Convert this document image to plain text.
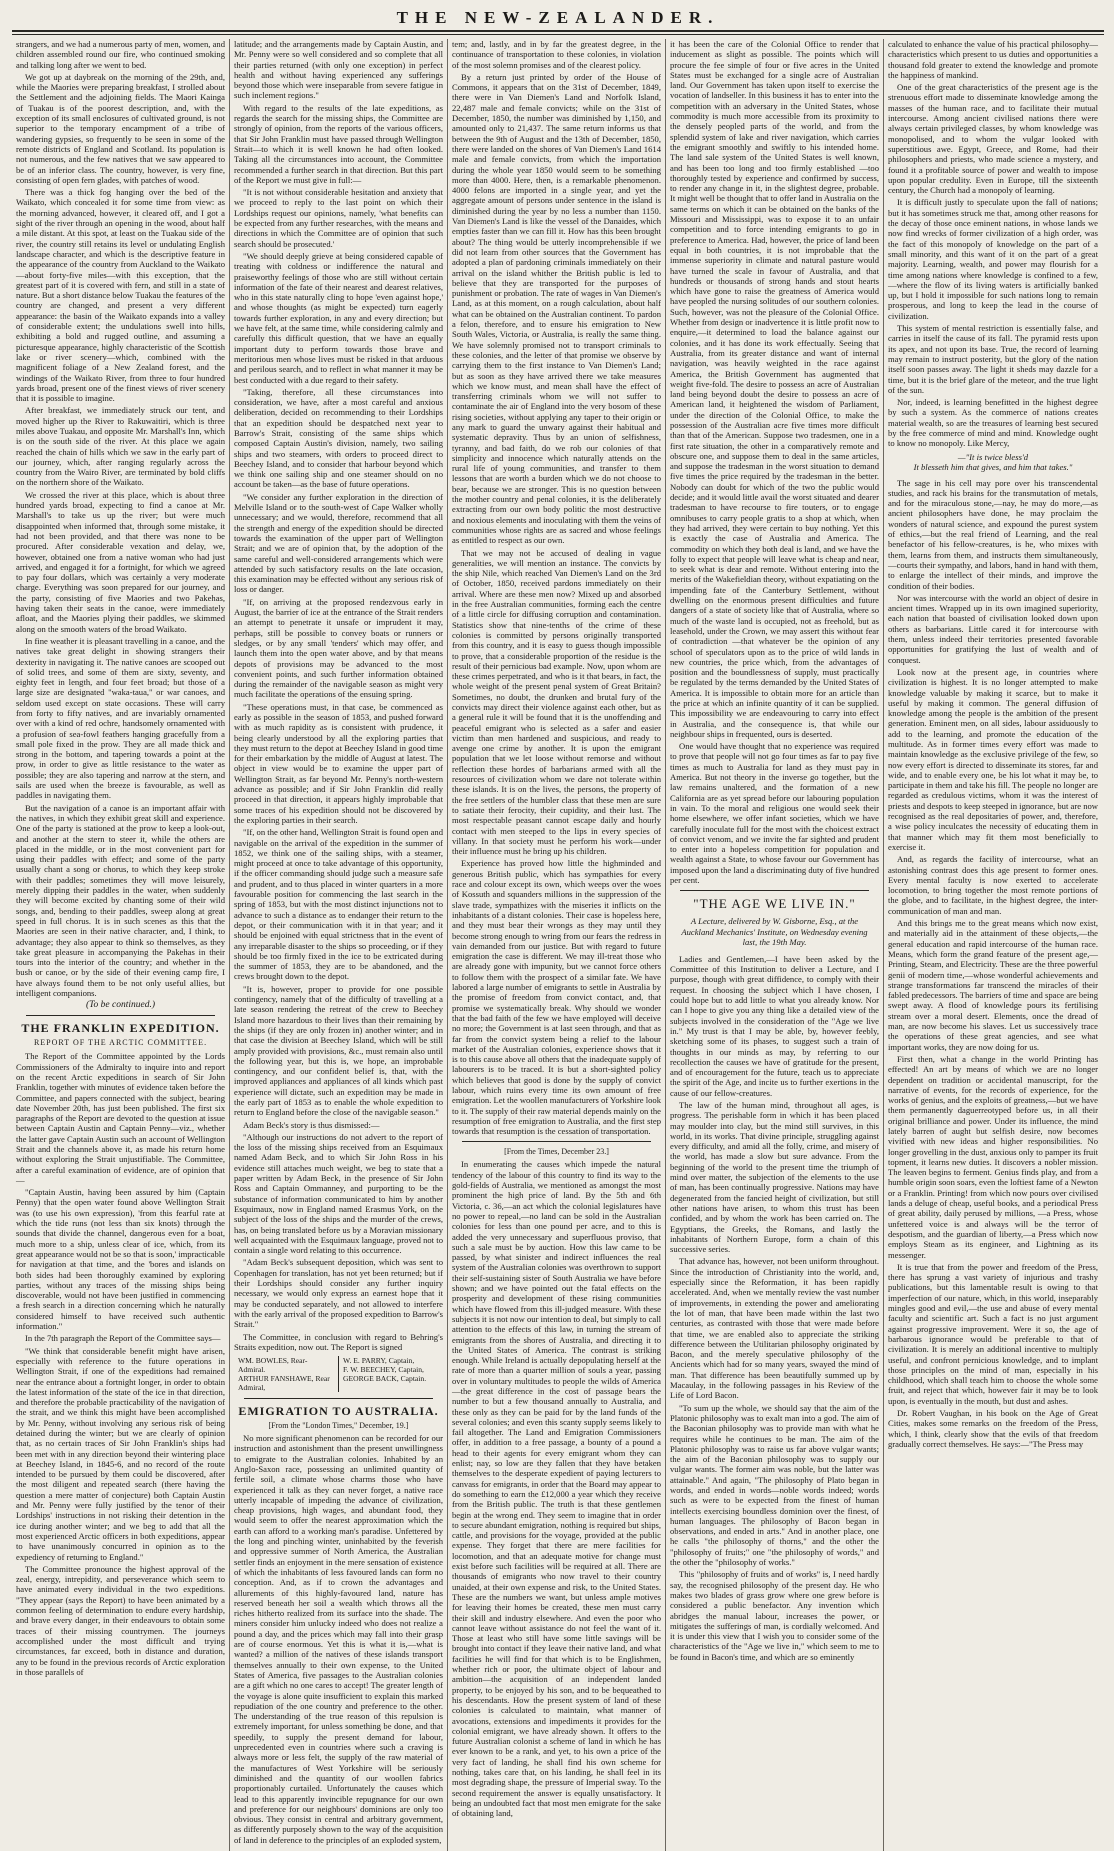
THE NEW-ZEALANDER.

strangers, and we had a numerous party of men, women, and children assembled round our fire, who continued smoking and talking long after we went to bed.

We got up at daybreak on the morning of the 29th, and, while the Maories were preparing breakfast, I strolled about the Settlement and the adjoining fields. The Maori Kainga of Tuakau is of the poorest description, and, with the exception of its small enclosures of cultivated ground, is not superior to the temporary encampment of a tribe of wandering gypsies, so frequently to be seen in some of the remote districts of England and Scotland. Its population is not numerous, and the few natives that we saw appeared to be of an inferior class. The country, however, is very fine, consisting of open fern glades, with patches of wood.

There was a thick fog hanging over the bed of the Waikato, which concealed it for some time from view: as the morning advanced, however, it cleared off, and I got a sight of the river through an opening in the wood, about half a mile distant. At this spot, at least on the Tuakau side of the river, the country still retains its level or undulating English landscape character, and which is the descriptive feature in the appearance of the country from Auckland to the Waikato—about forty-five miles—with this exception, that the greatest part of it is covered with fern, and still in a state of nature. But a short distance below Tuakau the features of the country are changed, and present a very different appearance: the basin of the Waikato expands into a valley of considerable extent; the undulations swell into hills, exhibiting a bold and rugged outline, and assuming a picturesque appearance, highly characteristic of the Scottish lake or river scenery—which, combined with the magnificent foliage of a New Zealand forest, and the windings of the Waikato River, from three to four hundred yards broad, present one of the finest views of river scenery that it is possible to imagine.

After breakfast, we immediately struck our tent, and moved higher up the River to Rakuwaitiri, which is three miles above Tuakau, and opposite Mr. Marshall's Inn, which is on the south side of the river. At this place we again reached the chain of hills which we saw in the early part of our journey, which, after ranging regularly across the country from the Wairo River, are terminated by bold cliffs on the northern shore of the Waikato.

We crossed the river at this place, which is about three hundred yards broad, expecting to find a canoe at Mr. Marshall's to take us up the river; but were much disappointed when informed that, through some mistake, it had not been provided, and that there was none to be procured. After considerable vexation and delay, we, however, obtained one from a native woman who had just arrived, and engaged it for a fortnight, for which we agreed to pay four dollars, which was certainly a very moderate charge. Everything was soon prepared for our journey, and the party, consisting of five Maories and two Pakehas, having taken their seats in the canoe, were immediately afloat, and the Maories plying their paddles, we skimmed along on the smooth waters of the broad Waikato.

In fine weather it is pleasant travelling in a canoe, and the natives take great delight in showing strangers their dexterity in navigating it. The native canoes are scooped out of solid trees, and some of them are sixty, seventy, and eighty feet in length, and four feet broad; but those of a large size are designated "waka-taua," or war canoes, and seldom used except on state occasions. These will carry from forty to fifty natives, and are invariably ornamented over with a kind of red ochre, handsomely ornamented with a profusion of sea-fowl feathers hanging gracefully from a small pole fixed in the prow. They are all made thick and strong in the bottom, and tapering towards a point at the prow, in order to give as little resistance to the water as possible; they are also tapering and narrow at the stern, and sails are used when the breeze is favourable, as well as paddles in navigating them.

But the navigation of a canoe is an important affair with the natives, in which they exhibit great skill and experience. One of the party is stationed at the prow to keep a look-out, and another at the stern to steer it, while the others are placed in the middle, or in the most convenient part for using their paddles with effect; and some of the party usually chant a song or chorus, to which they keep stroke with their paddles; sometimes they will move leisurely, merely dipping their paddles in the water, when suddenly they will become excited by chanting some of their wild songs, and, bending to their paddles, sweep along at great speed in full chorus. It is in such scenes as this that the Maories are seen in their native character, and, I think, to advantage; they also appear to think so themselves, as they take great pleasure in accompanying the Pakehas in their tours into the interior of the country; and whether in the bush or canoe, or by the side of their evening camp fire, I have always found them to be not only useful allies, but intelligent companions.

(To be continued.)
THE FRANKLIN EXPEDITION.
REPORT OF THE ARCTIC COMMITTEE.

The Report of the Committee appointed by the Lords Commissioners of the Admiralty to inquire into and report on the recent Arctic expeditions in search of Sir John Franklin, together with minutes of evidence taken before the Committee, and papers connected with the subject, bearing date November 20th, has just been published. The first six paragraphs of the Report are devoted to the question at issue between Captain Austin and Captain Penny—viz., whether the latter gave Captain Austin such an account of Wellington Strait and the channels above it, as made his return home without exploring the Strait unjustifiable. The Committee, after a careful examination of evidence, are of opinion that—

"Captain Austin, having been assured by him (Captain Penny) that the open water found above Wellington Strait was (to use his own expression), 'from this fearful rate at which the tide runs (not less than six knots) through the sounds that divide the channel, dangerous even for a boat, much more to a ship, unless clear of ice, which, from its great appearance would not be so that is soon,' impracticable for navigation at that time, and the 'bores and islands on both sides had been thoroughly examined by exploring parties, without any traces of the missing ships being discoverable, would not have been justified in commencing a fresh search in a direction concerning which he naturally considered himself to have received such authentic information."

In the 7th paragraph the Report of the Committee says—

"We think that considerable benefit might have arisen, especially with reference to the future operations in Wellington Strait, if one of the expeditions had remained near the entrance about a fortnight longer, in order to obtain the latest information of the state of the ice in that direction, and therefore the probable practicability of the navigation of the strait, and we think this might have been accomplished by Mr. Penny, without involving any serious risk of being detained during the winter; but we are clearly of opinion that, as no certain traces of Sir John Franklin's ships had been met with in any direction beyond their wintering place at Beechey Island, in 1845-6, and no record of the route intended to be pursued by them could be discovered, after the most diligent and repeated search (there having the question a mere matter of conjecture) both Captain Austin and Mr. Penny were fully justified by the tenor of their Lordships' instructions in not risking their detention in the ice during another winter; and we beg to add that all the most experienced Arctic officers in both expeditions, appear to have unanimously concurred in opinion as to the expediency of returning to England."

The Committee pronounce the highest approval of the zeal, energy, intrepidity, and perseverance which seem to have animated every individual in the two expeditions. "They appear (says the Report) to have been animated by a common feeling of determination to endure every hardship, and brave every danger, in their endeavours to obtain some traces of their missing countrymen. The journeys accomplished under the most difficult and trying circumstances, far exceed, both in distance and duration, any to be found in the previous records of Arctic exploration in those parallels of

latitude; and the arrangements made by Captain Austin, and Mr. Penny were so well considered and so complete that all their parties returned (with only one exception) in perfect health and without having experienced any sufferings beyond those which were inseparable from severe fatigue in such inclement regions."

With regard to the results of the late expeditions, as regards the search for the missing ships, the Committee are strongly of opinion, from the reports of the various officers, that Sir John Franklin must have passed through Wellington Strait—to which it is well known he had often looked. Taking all the circumstances into account, the Committee recommended a further search in that direction. But this part of the Report we must give in full:—

"It is not without considerable hesitation and anxiety that we proceed to reply to the last point on which their Lordships request our opinions, namely, 'what benefits can be expected from any further researches, with the means and directions in which the Committee are of opinion that such search should be prosecuted.'

"We should deeply grieve at being considered capable of treating with coldness or indifference the natural and praiseworthy feelings of those who are still without certain information of the fate of their nearest and dearest relatives, who in this state naturally cling to hope 'even against hope,' and whose thoughts (as might be expected) turn eagerly towards further exploration, in any and every direction; but we have felt, at the same time, while considering calmly and carefully this difficult question, that we have an equally important duty to perform towards those brave and meritorious men whose lives must be risked in that arduous and perilous search, and to reflect in what manner it may be best conducted with a due regard to their safety.

"Taking, therefore, all these circumstances into consideration, we have, after a most careful and anxious deliberation, decided on recommending to their Lordships that an expedition should be despatched next year to Barrow's Strait, consisting of the same ships which composed Captain Austin's division, namely, two sailing ships and two steamers, with orders to proceed direct to Beechey Island, and to consider that harbour beyond which we think one sailing ship and one steamer should on no account be taken—as the base of future operations.

"We consider any further exploration in the direction of Melville Island or to the south-west of Cape Walker wholly unnecessary; and we would, therefore, recommend that all the strength and energy of the expedition should be directed towards the examination of the upper part of Wellington Strait; and we are of opinion that, by the adoption of the same careful and well-considered arrangements which were attended by such satisfactory results on the late occasion, this examination may be effected without any serious risk of loss or danger.

"If, on arriving at the proposed rendezvous early in August, the barrier of ice at the entrance of the Strait renders an attempt to penetrate it unsafe or imprudent it may, perhaps, still be possible to convey boats or runners or sledges, or by any small 'tenders' which may offer, and launch them into the open water above, and by that means depots of provisions may be advanced to the most convenient points, and such further information obtained during the remainder of the navigable season as might very much facilitate the operations of the ensuing spring.

"These operations must, in that case, be commenced as early as possible in the season of 1853, and pushed forward with as much rapidity as is consistent with prudence, it being clearly understood by all the exploring parties that they must return to the depot at Beechey Island in good time for their embarkation by the middle of August at latest. The object in view would be to examine the upper part of Wellington Strait, as far beyond Mr. Penny's north-western advance as possible; and if Sir John Franklin did really proceed in that direction, it appears highly improbable that some traces of his expedition should not be discovered by the exploring parties in their search.

"If, on the other hand, Wellington Strait is found open and navigable on the arrival of the expedition in the summer of 1852, we think one of the sailing ships, with a steamer, might proceed at once to take advantage of this opportunity, if the officer commanding should judge such a measure safe and prudent, and to thus placed in winter quarters in a more favourable position for commencing the last search in the spring of 1853, but with the most distinct injunctions not to advance to such a distance as to endanger their return to the depot, or their communication with it in that year; and it should be enjoined with equal strictness that in the event of any irreparable disaster to the ships so proceeding, or if they should be too firmly fixed in the ice to be extricated during the summer of 1853, they are to be abandoned, and the crews brought down to the depot.

"It is, however, proper to provide for one possible contingency, namely that of the difficulty of travelling at a late season rendering the retreat of the crew to Beechey Island more hazardous to their lives than their remaining by the ships (if they are only frozen in) another winter; and in that case the division at Beechey Island, which will be still amply provided with provisions, &c., must remain also until the following year, but this is, we hope, an improbable contingency, and our confident belief is, that, with the improved appliances and appliances of all kinds which past experience will dictate, such an expedition may be made in the early part of 1853 as to enable the whole expedition to return to England before the close of the navigable season."

Adam Beck's story is thus dismissed:—

"Although our instructions do not advert to the report of the loss of the missing ships received from an Esquimaux named Adam Beck, and to which Sir John Ross in his evidence still attaches much weight, we beg to state that a paper written by Adam Beck, in the presence of Sir John Ross and Captain Ommanney, and purporting to be the substance of information communicated to him by another Esquimaux, now in England named Erasmus York, on the subject of the loss of the ships and the murder of the crews, has, on being translated before us by a Moravian missionary well acquainted with the Esquimaux language, proved not to contain a single word relating to this occurrence.

"Adam Beck's subsequent deposition, which was sent to Copenhagen for translation, has not yet been returned; but if their Lordships should consider any further inquiry necessary, we would only express an earnest hope that it may be conducted separately, and not allowed to interfere with the early arrival of the proposed expedition to Barrow's Strait."

The Committee, in conclusion with regard to Behring's Straits expedition, now out. The Report is signed

WM. BOWLES, Rear-Admiral.
ARTHUR FANSHAWE, Rear Admiral,
W. E. PARRY, Captain,
F. W. BEECHEY, Captain,
GEORGE BACK, Captain.
EMIGRATION TO AUSTRALIA.
[From the "London Times," December, 19.]

No more significant phenomenon can be recorded for our instruction and astonishment than the present unwillingness to emigrate to the Australian colonies. Inhabited by an Anglo-Saxon race, possessing an unlimited quantity of fertile soil, a climate whose charms those who have experienced it talk as they can never forget, a native race utterly incapable of impeding the advance of civilization, cheap provisions, high wages, and abundant food, they would seem to offer the nearest approximation which the earth can afford to a working man's paradise. Unfettered by the long and pinching winter, uninhabited by the feverish and oppressive summer of North America, the Australian settler finds an enjoyment in the mere sensation of existence of which the inhabitants of less favoured lands can form no conception. And, as if to crown the advantages and allurements of this highly-favoured land, nature has reserved beneath her soil a wealth which throws all the riches hitherto realized from its surface into the shade. The miners consider him unlucky indeed who does not realize a pound a day, and the prices which may fall into their grasp are of course enormous. Yet this is what it is,—what is wanted? a million of the natives of these islands transport themselves annually to their own expense, to the United States of America, five passages to the Australian colonies are a gift which no one cares to accept! The greater length of the voyage is alone quite insufficient to explain this marked repudiation of the one country and preference to the other. The understanding of the true reason of this repulsion is extremely important, for unless something be done, and that speedily, to supply the present demand for labour, unprecedented even in countries where such a craving is always more or less felt, the supply of the raw material of the manufactures of West Yorkshire will be seriously diminished and the quantity of our woollen fabrics proportionably curtailed. Unfortunately the causes which lead to this apparently invincible repugnance for our own and preference for our neighbours' dominions are only too obvious. They consist in central and arbitrary government, as differently purposely shown to the way of the acquisition of land in deference to the principles of an exploded system,

tem; and, lastly, and in by far the greatest degree, in the continuance of transportation to these colonies, in violation of the most solemn promises and of the clearest policy.

By a return just printed by order of the House of Commons, it appears that on the 31st of December, 1849, there were in Van Diemen's Land and Norfolk Island, 22,487 male and female convicts; while on the 31st of December, 1850, the number was diminished by 1,150, and amounted only to 21,437. The same return informs us that between the 9th of August and the 13th of December, 1850, there were landed on the shores of Van Diemen's Land 1614 male and female convicts, from which the importation during the whole year 1850 would seem to be something more than 4000. Here, then, is a remarkable phenomenon. 4000 felons are imported in a single year, and yet the aggregate amount of persons under sentence in the island is diminished during the year by no less a number than 1150. Van Diemen's Land is like the vessel of the Danaides, which empties faster than we can fill it. How has this been brought about? The thing would be utterly incomprehensible if we did not learn from other sources that the Government has adopted a plan of pardoning criminals immediately on their arrival on the island whither the British public is led to believe that they are transported for the purposes of punishment or probation. The rate of wages in Van Diemen's Land, as at this moment, on a rough calculation, about half what can be obtained on the Australian continent. To pardon a felon, therefore, and to ensure his emigration to New South Wales, Victoria, or Australia, is really the same thing. We have solemnly promised not to transport criminals to these colonies, and the letter of that promise we observe by carrying them to the first instance to Van Diemen's Land; but as soon as they have arrived there we take measures which we know must, and mean shall have the effect of transferring criminals whom we will not suffer to contaminate the air of England into the very bosom of these rising societies, without applying any taper to their origin or any mark to guard the unwary against their habitual and systematic depravity. Thus by an union of selfishness, tyranny, and bad faith, do we rob our colonies of that simplicity and innocence which naturally attends on the rural life of young communities, and transfer to them lessons that are worth a burden which we do not choose to bear, because we are stronger. This is no question between the mother country and penal colonies, it is the deliberately extracting from our own body politic the most destructive and noxious elements and inoculating with them the veins of communities whose rights are as sacred and whose feelings as entitled to respect as our own.

That we may not be accused of dealing in vague generalities, we will mention an instance. The convicts by the ship Nile, which reached Van Diemen's Land on the 3rd of October, 1850, received pardons immediately on their arrival. Where are these men now? Mixed up and absorbed in the free Australian communities, forming each the centre of a little circle for diffusing corruption and contamination. Statistics show that nine-tenths of the crime of these colonies is committed by persons originally transported from this country, and it is easy to guess though impossible to prove, that a considerable proportion of the residue is the result of their pernicious bad example. Now, upon whom are these crimes perpetrated, and who is it that bears, in fact, the whole weight of the present penal system of Great Britain? Sometimes, no doubt, the drunken and brutal fury of the convicts may direct their violence against each other, but as a general rule it will be found that it is the unoffending and peaceful emigrant who is selected as a safer and easier victim than men hardened and suspicious, and ready to avenge one crime by another. It is upon the emigrant population that we let loose without remorse and without reflection these hordes of barbarians armed with all the resources of civilization whom we dare not tolerate within these islands. It is on the lives, the persons, the property of the free settlers of the humbler class that these men are sure to satiate their ferocity, their cupidity, and their lust. The most respectable peasant cannot escape daily and hourly contact with men steeped to the lips in every species of villany. In that society must he perform his work—under their influence must he bring up his children.

Experience has proved how little the highminded and generous British public, which has sympathies for every race and colour except its own, which weeps over the woes of Kossuth and squanders millions in the suppression of the slave trade, sympathizes with the miseries it inflicts on the inhabitants of a distant colonies. Their case is hopeless here, and they must bear their wrongs as they may until they become strong enough to wring from our fears the redress in vain demanded from our justice. But with regard to future emigration the case is different. We may ill-treat those who are already gone with impunity, but we cannot force others to follow them with the prospect of a similar fate. We have labored a large number of emigrants to settle in Australia by the promise of freedom from convict contact, and, that promise we systematically break. Why should we wonder that the bad faith of the few we have employed will deceive no more; the Government is at last seen through, and that as far from the convict system being a relief to the labour market of the Australian colonies, experience shows that it is to this cause above all others that the inadequate supply of labourers is to be traced. It is but a short-sighted policy which believes that good is done by the supply of convict labour, which ruins every time its own amount of free emigration. Let the woollen manufacturers of Yorkshire look to it. The supply of their raw material depends mainly on the resumption of free emigration to Australia, and the first step towards that resumption is the cessation of transportation.

[From the Times, December 23.]

In enumerating the causes which impede the natural tendency of the labour of this country to find its way to the gold-fields of Australia, we mentioned as amongst the most prominent the high price of land. By the 5th and 6th Victoria, c. 36,—an act which the colonial legislatures have no power to repeal,—no land can be sold in the Australian colonies for less than one pound per acre, and to this is added the very unnecessary and superfluous proviso, that such a sale must be by auction. How this law came to be passed, by what sinister and indirect influences the real system of the Australian colonies was overthrown to support their self-sustaining sister of South Australia we have before shown; and we have pointed out the fatal effects on the prosperity and development of these rising communities which have flowed from this ill-judged measure. With these subjects it is not now our intention to deal, but simply to call attention to the effects of this law, in turning the stream of emigrants from the shores of Australia, and directing it to the United States of America. The contrast is striking enough. While Ireland is actually depopulating herself at the rate of more than a quarter million of souls a year, passing over in voluntary multitudes to people the wilds of America—the great difference in the cost of passage bears the number to but a few thousand annually to Australia, and these only as they can be paid for by the land funds of the several colonies; and even this scanty supply seems likely to fail altogether. The Land and Emigration Commissioners offer, in addition to a free passage, a bounty of a pound a head to their agents for every emigrant whom they can enlist; nay, so low are they fallen that they have betaken themselves to the desperate expedient of paying lecturers to canvass for emigrants, in order that the Board may appear to do something to earn the £12,000 a year which they receive from the British public. The truth is that these gentlemen begin at the wrong end. They seem to imagine that in order to secure abundant emigration, nothing is required but ships, cattle, and provisions for the voyage, provided at the public expense. They forget that there are mere facilities for locomotion, and that an adequate motive for change must exist before such facilities will be required at all. There are thousands of emigrants who now travel to their country unaided, at their own expense and risk, to the United States. These are the numbers we want, but unless ample motives for leaving their homes be created, these men must carry their skill and industry elsewhere. And even the poor who cannot leave without assistance do not feel the want of it. Those at least who still have some little savings will be brought into contact if they leave their native land, and what facilities he will find for that which is to be Englishmen, whether rich or poor, the ultimate object of labour and ambition—the acquisition of an independent landed property, to be enjoyed by his son, and to be bequeathed to his descendants. How the present system of land of these colonies is calculated to maintain, what manner of avocations, extensions and impediments it provides for the colonial emigrant, we have already shown. It offers to the future Australian colonist a scheme of land in which he has ever known to be a rank, and yet, to his own a price of the very fact of landing, he shall find his own scheme for nothing, takes care that, on his landing, he shall feel in its most degrading shape, the pressure of Imperial sway. To the second requirement the answer is equally unsatisfactory. It being an undoubted fact that most men emigrate for the sake of obtaining land,

it has been the care of the Colonial Office to render that inducement as slight as possible. The points which will procure the fee simple of four or five acres in the United States must be exchanged for a single acre of Australian land. Our Government has taken upon itself to exercise the vocation of landseller. In this business it has to enter into the competition with an adversary in the United States, whose commodity is much more accessible from its proximity to the densely peopled parts of the world, and from the splendid system of lake and river navigation, which carries the emigrant smoothly and swiftly to his intended home. The land sale system of the United States is well known, and has been too long and too firmly established —too thoroughly tested by experience and confirmed by success, to render any change in it, in the slightest degree, probable. It might well be thought that to offer land in Australia on the same terms on which it can be obtained on the banks of the Missouri and Mississippi, was to expose it to an unfair competition and to force intending emigrants to go in preference to America. Had, however, the price of land been equal in both countries, it is not improbable that the immense superiority in climate and natural pasture would have turned the scale in favour of Australia, and that hundreds or thousands of strong hands and stout hearts which have gone to raise the greatness of America would have peopled the nursing solitudes of our southern colonies. Such, however, was not the pleasure of the Colonial Office. Whether from design or inadvertence it is little profit now to enquire,—it determined to load the balance against our colonies, and it has done its work effectually. Seeing that Australia, from its greater distance and want of internal navigation, was heavily weighted in the race against America, the British Government has augmented that weight five-fold. The desire to possess an acre of Australian land being beyond doubt the desire to possess an acre of American land, it heightened the wisdom of Parliament, under the direction of the Colonial Office, to make the possession of the Australian acre five times more difficult than that of the American. Suppose two tradesmen, one in a first rate situation, the other in a comparatively remote and obscure one, and suppose them to deal in the same articles, and suppose the tradesman in the worst situation to demand five times the price required by the tradesman in the better. Nobody can doubt for which of the two the public would decide; and it would little avail the worst situated and dearer tradesman to have recourse to fire touters, or to engage omnibuses to carry people gratis to a shop at which, when they had arrived, they were certain to buy nothing. Yet this is exactly the case of Australia and America. The commodity on which they both deal is land, and we have the folly to expect that people will leave what is cheap and near, to seek what is dear and remote. Without entering into the merits of the Wakefieldian theory, without expatiating on the impending fate of the Canterbury Settlement, without dwelling on the enormous present difficulties and future dangers of a state of society like that of Australia, where so much of the waste land is occupied, not as freehold, but as leasehold, under the Crown, we may assert this without fear of contradiction —that whatever be the opinion of any school of speculators upon as to the price of wild lands in new countries, the price which, from the advantages of position and the boundlessness of supply, must practically be regulated by the terms demanded by the United States of America. It is impossible to obtain more for an article than the price at which an infinite quantity of it can be supplied. This impossibility we are endeavouring to carry into effect in Australia, and the consequence is, that while our neighbour ships in frequented, ours is deserted.

One would have thought that no experience was required to prove that people will not go four times as far to pay five times as much to Australia for land as they must pay in America. But not theory in the inverse go together, but the law remains unaltered, and the formation of a new California are as yet spread before our labouring population in vain. To the moral and religious one would seek their home elsewhere, we offer infant societies, which we have carefully inoculate full for the most with the choicest extract of convict venom, and we invite the far sighted and prudent to enter into a hopeless competition for population and wealth against a State, to whose favour our Government has imposed upon the land a discriminating duty of five hundred per cent.

"THE AGE WE LIVE IN."
A Lecture, delivered by W. Gisborne, Esq., at the Auckland Mechanics' Institute, on Wednesday evening last, the 19th May.

Ladies and Gentlemen,—I have been asked by the Committee of this Institution to deliver a Lecture, and I purpose, though with great diffidence, to comply with their request. In choosing the subject which I have chosen, I could hope but to add little to what you already know. Nor can I hope to give you any thing like a detailed view of the subjects involved in the consideration of the "Age we live in." My trust is that I may be able, by, however feebly, sketching some of its phases, to suggest such a train of thoughts in our minds as may, by referring to our recollection the causes we have of gratitude for the present, and of encouragement for the future, teach us to appreciate the spirit of the Age, and incite us to further exertions in the cause of our fellow-creatures.

The law of the human mind, throughout all ages, is progress. The perishable form in which it has been placed may moulder into clay, but the mind still survives, in this world, in its works. That divine principle, struggling against every difficulty, and amid all the folly, crime, and misery of the world, has made a slow but sure advance. From the beginning of the world to the present time the triumph of mind over matter, the subjection of the elements to the use of man, has been continually progressive. Nations may have degenerated from the fancied height of civilization, but still other nations have arisen, to whom this trust has been confided, and by whom the work has been carried on. The Egyptians, the Greeks, the Romans, and lastly the inhabitants of Northern Europe, form a chain of this successive series.

That advance has, however, not been uniform throughout. Since the introduction of Christianity into the world, and, especially since the Reformation, it has been rapidly accelerated. And, when we mentally review the vast number of improvements, in extending the power and ameliorating the lot of man, that have been made within the last two centuries, as contrasted with those that were made before that time, we are enabled also to appreciate the striking difference between the Utilitarian philosophy originated by Bacon, and the merely speculative philosophy of the Ancients which had for so many years, swayed the mind of man. That difference has been beautifully summed up by Macaulay, in the following passages in his Review of the Life of Lord Bacon.

"To sum up the whole, we should say that the aim of the Platonic philosophy was to exalt man into a god. The aim of the Baconian philosophy was to provide man with what he requires while he continues to be man. The aim of the Platonic philosophy was to raise us far above vulgar wants; the aim of the Baconian philosophy was to supply our vulgar wants. The former aim was noble, but the latter was attainable." And again, "The philosophy of Plato began in words, and ended in words—noble words indeed; words such as were to be expected from the finest of human intellects exercising boundless dominion over the finest, of human languages. The philosophy of Bacon began in observations, and ended in arts." And in another place, one he calls "the philosophy of thorns," and the other the "philosophy of fruits;" one "the philosophy of words," and the other the "philosophy of works."

This "philosophy of fruits and of works" is, I need hardly say, the recognised philosophy of the present day. He who makes two blades of grass grow where one grew before is considered a public benefactor. Any invention which abridges the manual labour, increases the power, or mitigates the sufferings of man, is cordially welcomed. And it is under this view that I wish you to consider some of the characteristics of the "Age we live in," which seem to me to be found in Bacon's time, and which are so eminently

calculated to enhance the value of his practical philosophy—characteristics which present to us duties and opportunities a thousand fold greater to extend the knowledge and promote the happiness of mankind.

One of the great characteristics of the present age is the strenuous effort made to disseminate knowledge among the masses of the human race, and to facilitate their mutual intercourse. Among ancient civilised nations there were always certain privileged classes, by whom knowledge was monopolised, and to whom the vulgar looked with superstitious awe. Egypt, Greece, and Rome, had their philosophers and priests, who made science a mystery, and found it a profitable source of power and wealth to impose upon popular credulity. Even in Europe, till the sixteenth century, the Church had a monopoly of learning.

It is difficult justly to speculate upon the fall of nations; but it has sometimes struck me that, among other reasons for the decay of those once eminent nations, in whose lands we now find wrecks of former civilization of a high order, was the fact of this monopoly of knowledge on the part of a small minority, and this want of it on the part of a great majority. Learning, wealth, and power may flourish for a time among nations where knowledge is confined to a few,—where the flow of its living waters is artificially banked up, but I hold it impossible for such nations long to remain prosperous, and long to keep the lead in the course of civilization.

This system of mental restriction is essentially false, and carries in itself the cause of its fall. The pyramid rests upon its apex, and not upon its base. True, the record of learning may remain to instruct posterity, but the glory of the nation itself soon passes away. The light it sheds may dazzle for a time, but it is the brief glare of the meteor, and the true light of the sun.

Nor, indeed, is learning benefitted in the highest degree by such a system. As the commerce of nations creates material wealth, so are the treasures of learning best secured by the free commerce of mind and mind. Knowledge ought to know no monopoly. Like Mercy,

—"It is twice bless'd
It blesseth him that gives, and him that takes."

The sage in his cell may pore over his transcendental studies, and rack his brains for the transmutation of metals, and for the miraculous stone,—nay, he may do more,—as ancient philosophers have done, he may proclaim the wonders of natural science, and expound the purest system of ethics,—but the real friend of Learning, and the real benefactor of his fellow-creatures, is he, who mixes with them, learns from them, and instructs them simultaneously,—courts their sympathy, and labors, hand in hand with them, to enlarge the intellect of their minds, and improve the condition of their bodies.

Nor was intercourse with the world an object of desire in ancient times. Wrapped up in its own imagined superiority, each nation that boasted of civilisation looked down upon others as barbarians. Little cared it for intercourse with them, unless indeed their territories presented favorable opportunities for gratifying the lust of wealth and of conquest.

Look now at the present age, in countries where civilization is highest. It is no longer attempted to make knowledge valuable by making it scarce, but to make it useful by making it common. The general diffusion of knowledge among the people is the ambition of the present generation. Eminent men, on all sides, labour assiduously to add to the learning, and promote the education of the multitude. As in former times every effort was made to maintain knowledge as the exclusive privilege of the few, so now every effort is directed to disseminate its stores, far and wide, and to enable every one, be his lot what it may be, to participate in them and take his fill. The people no longer are regarded as credulous victims, whom it was the interest of priests and despots to keep steeped in ignorance, but are now recognised as the real depositaries of power, and, therefore, a wise policy inculcates the necessity of educating them in that manner which may fit them most beneficially to exercise it.

And, as regards the facility of intercourse, what an astonishing contrast does this age present to former ones. Every mental faculty is now exerted to accelerate locomotion, to bring together the most remote portions of the globe, and to facilitate, in the highest degree, the inter-communication of man and man.

And this brings me to the great means which now exist, and materially aid in the attainment of these objects,—the general education and rapid intercourse of the human race. Means, which form the grand feature of the present age,—Printing, Steam, and Electricity. These are the three powerful genii of modern time,—whose wonderful achievements and strange transformations far transcend the miracles of their fabled predecessors. The barriers of time and space are being swept away. A flood of knowledge pours its fertilising stream over a moral desert. Elements, once the dread of man, are now become his slaves. Let us successively trace the operations of these great agencies, and see what important works, they are now doing for us.

First then, what a change in the world Printing has effected! An art by means of which we are no longer dependent on tradition or accidental manuscript, for the narrative of events, for the records of experience, for the works of genius, and the exploits of greatness,—but we have them permanently daguerreotyped before us, in all their original brilliance and power. Under its influence, the mind lately barren of aught but selfish desire, now becomes vivified with new ideas and higher responsibilities. No longer grovelling in the dust, anxious only to pamper its fruit topment, it learns new duties. It discovers a nobler mission. The leaven begins to ferment. Genius finds play, and from a humble origin soon soars, even the loftiest fame of a Newton or a Franklin. Printing! from which now pours over civilised lands a deluge of cheap, useful books, and a periodical Press of great ability, daily perused by millions, —a Press, whose unfettered voice is and always will be the terror of despotism, and the guardian of liberty,—a Press which now employs Steam as its engineer, and Lightning as its messenger.

It is true that from the power and freedom of the Press, there has sprung a vast variety of injurious and trashy publications, but this lamentable result is owing to that imperfection of our nature, which, in this world, inseparably mingles good and evil,—the use and abuse of every mental faculty and scientific art. Such a fact is no just argument against progressive improvement. Were it so, the age of barbarous ignorance would be preferable to that of civilization. It is merely an additional incentive to multiply useful, and confront pernicious knowledge, and to implant those principles on the mind of man, especially in his childhood, which shall teach him to choose the whole some fruit, and reject that which, however fair it may be to look upon, is eventually in the mouth, but dust and ashes.

Dr. Robert Vaughan, in his book on the Age of Great Cities, makes some remarks on the freedom of the Press, which, I think, clearly show that the evils of that freedom gradually correct themselves. He says:—"The Press may
